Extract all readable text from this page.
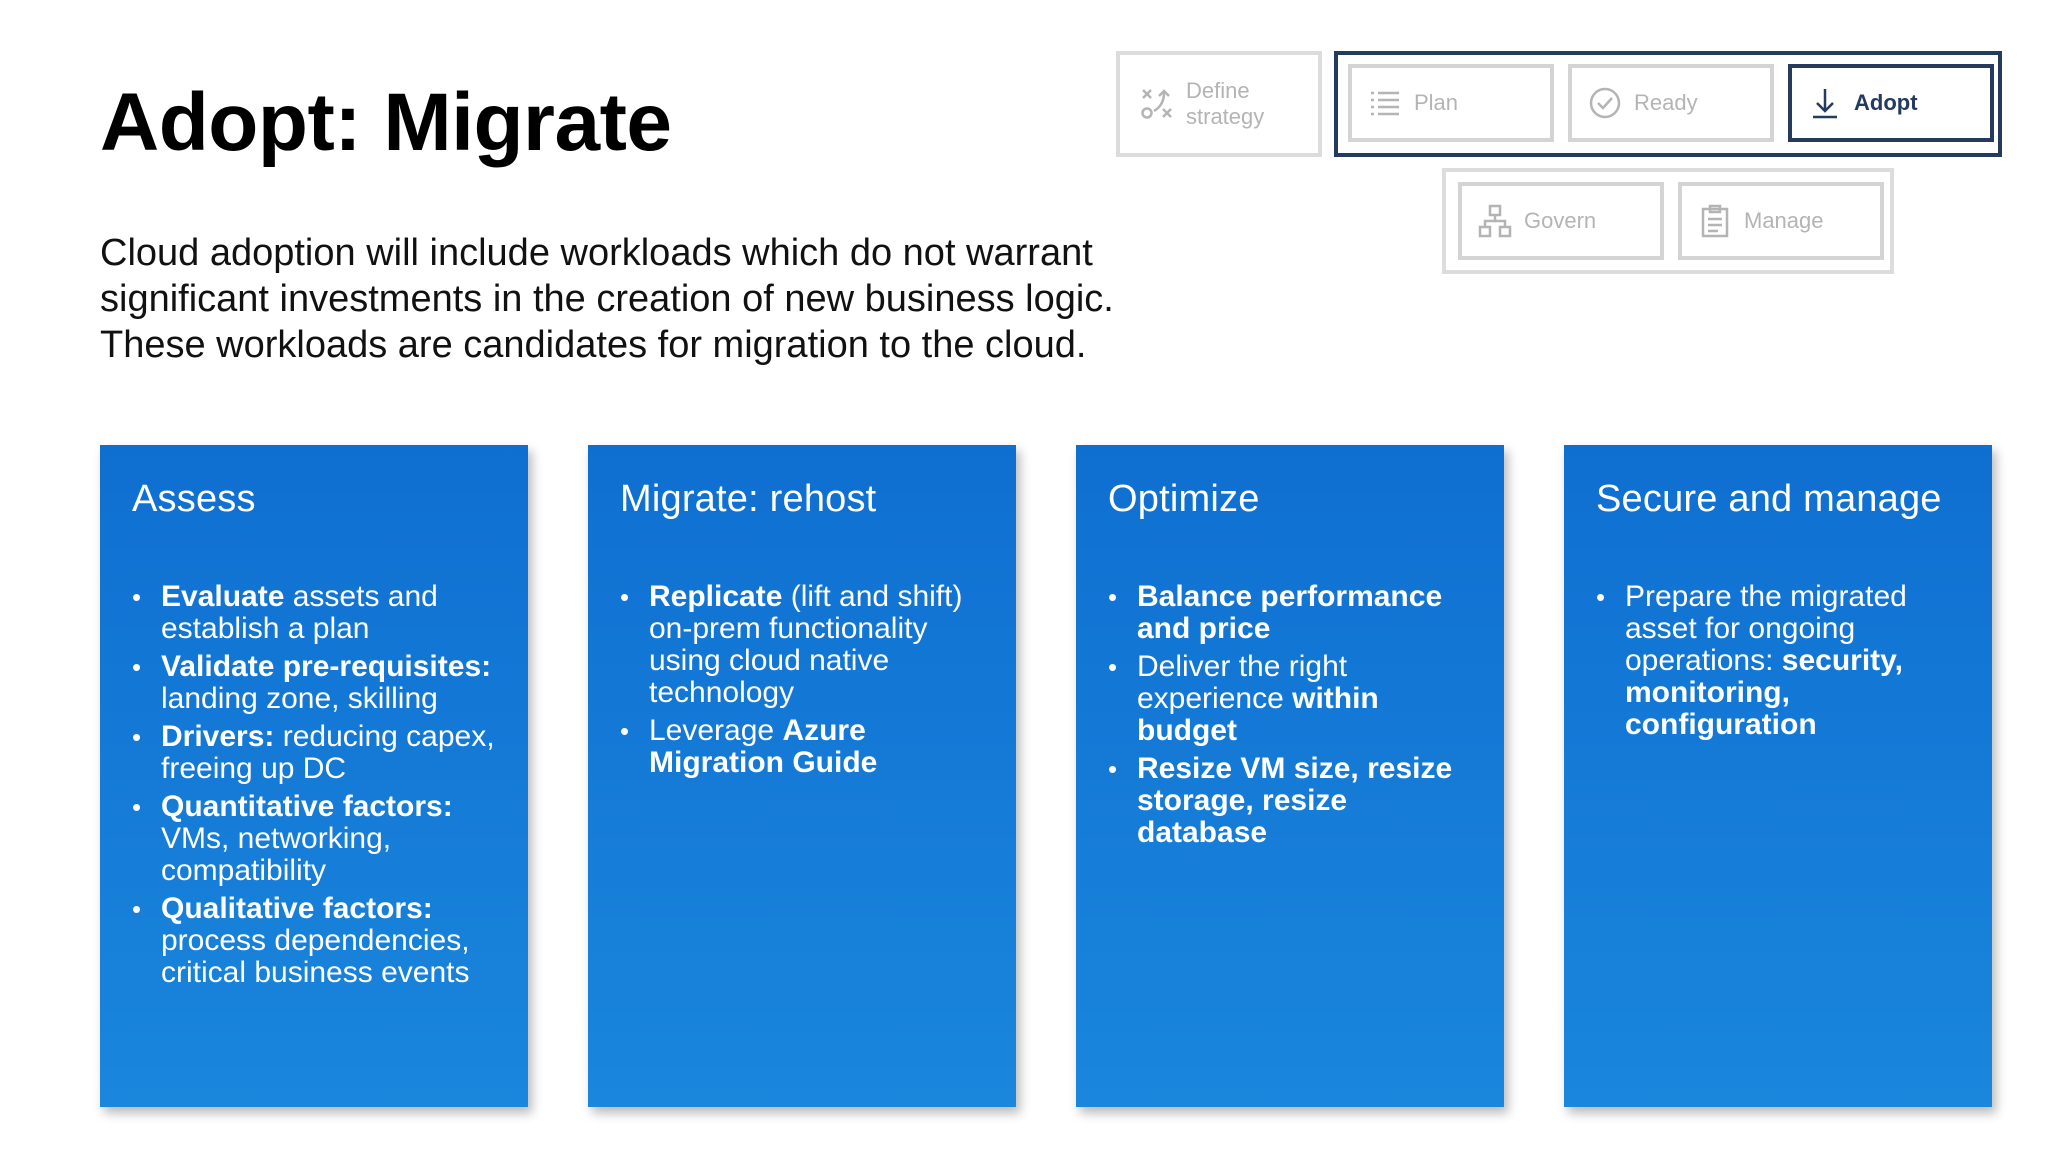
Adopt: Migrate

Cloud adoption will include workloads which do not warrant significant investments in the creation of new business logic. These workloads are candidates for migration to the cloud.

Define
strategy
Plan	Ready	Adopt
Govern	Manage
Assess
• Evaluate assets and establish a plan
• Validate pre-requisites: landing zone, skilling
• Drivers: reducing capex, freeing up DC
• Quantitative factors: VMs, networking, compatibility
• Qualitative factors: process dependencies, critical business events
Migrate: rehost
• Replicate (lift and shift) on-prem functionality using cloud native technology
• Leverage Azure Migration Guide
Optimize
• Balance performance and price
• Deliver the right experience within budget
• Resize VM size, resize storage, resize database
Secure and manage
• Prepare the migrated asset for ongoing operations: security, monitoring, configuration
